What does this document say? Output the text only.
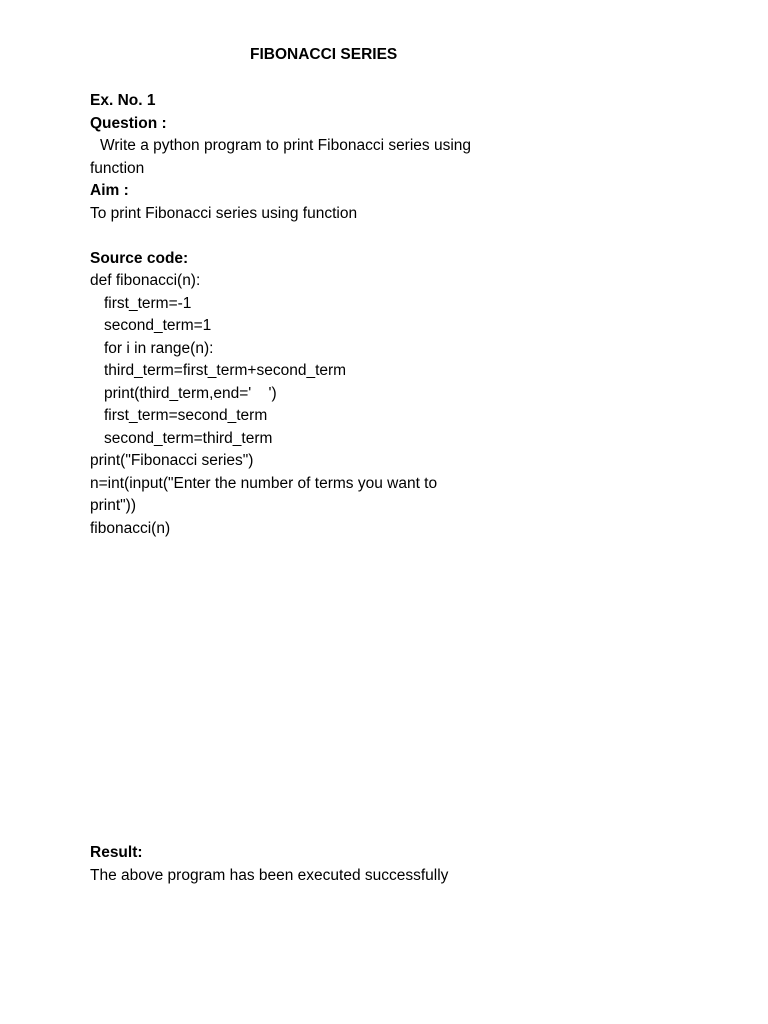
FIBONACCI SERIES
Ex. No. 1
Question :
Write a python program to print Fibonacci series using
function
Aim :
To print Fibonacci series using function
Source code:
def fibonacci(n):
first_term=-1
second_term=1
for i in range(n):
third_term=first_term+second_term
print(third_term,end='    ')
first_term=second_term
second_term=third_term
print("Fibonacci series")
n=int(input("Enter the number of terms you want to
print"))
fibonacci(n)
Result:
The above program has been executed successfully
